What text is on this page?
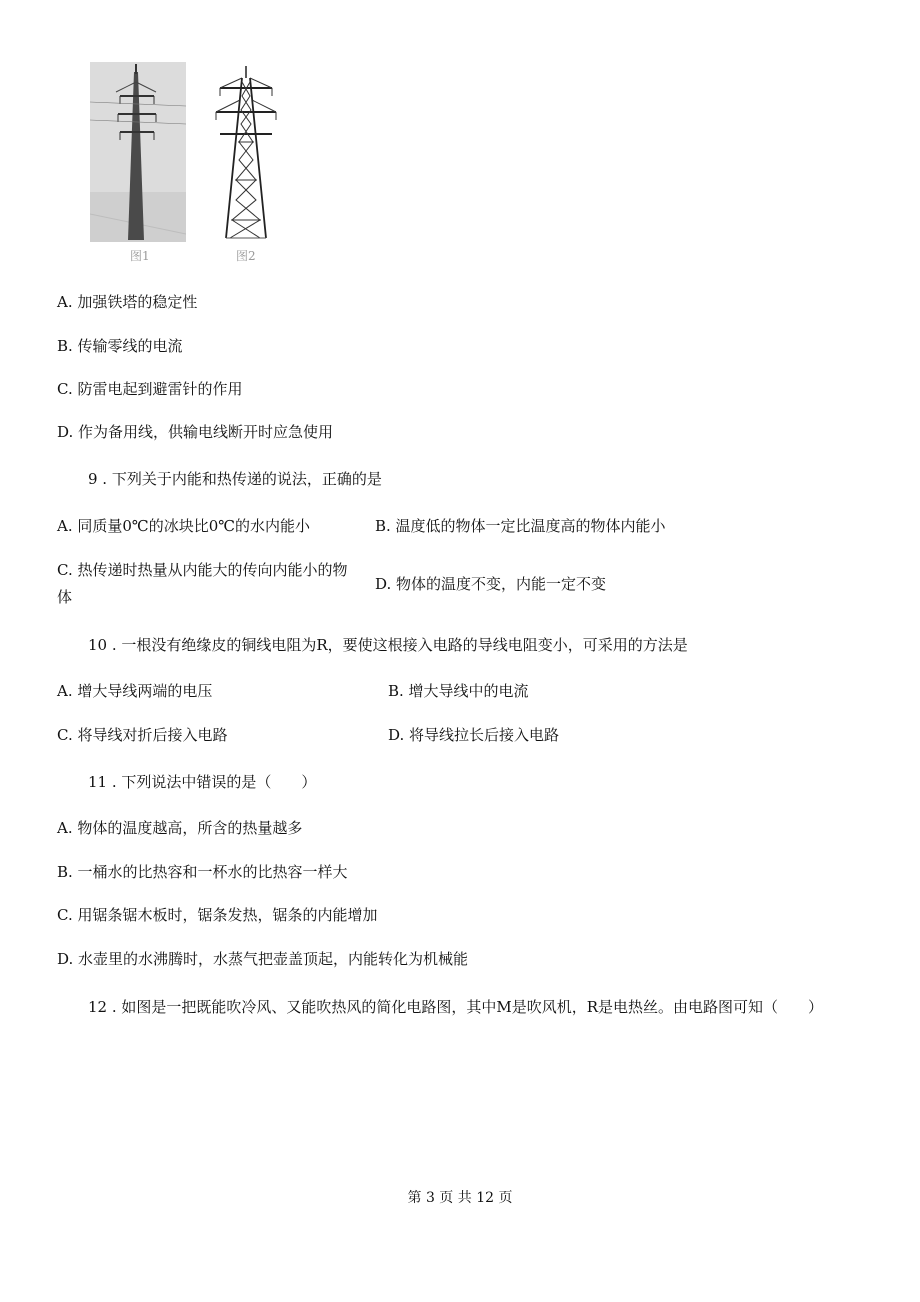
图1	图2
A. 加强铁塔的稳定性
B. 传输零线的电流
C. 防雷电起到避雷针的作用
D. 作为备用线，供输电线断开时应急使用
9 . 下列关于内能和热传递的说法，正确的是
A. 同质量0℃的冰块比0℃的水内能小	B. 温度低的物体一定比温度高的物体内能小
C. 热传递时热量从内能大的传向内能小的物
体
D. 物体的温度不变，内能一定不变
10 . 一根没有绝缘皮的铜线电阻为R，要使这根接入电路的导线电阻变小，可采用的方法是
A. 增大导线两端的电压	B. 增大导线中的电流
C. 将导线对折后接入电路	D. 将导线拉长后接入电路
11 . 下列说法中错误的是（　　）
A. 物体的温度越高，所含的热量越多
B. 一桶水的比热容和一杯水的比热容一样大
C. 用锯条锯木板时，锯条发热，锯条的内能增加
D. 水壶里的水沸腾时，水蒸气把壶盖顶起，内能转化为机械能
12 . 如图是一把既能吹冷风、又能吹热风的简化电路图，其中M是吹风机，R是电热丝。由电路图可知（　　）
第 3 页 共 12 页
